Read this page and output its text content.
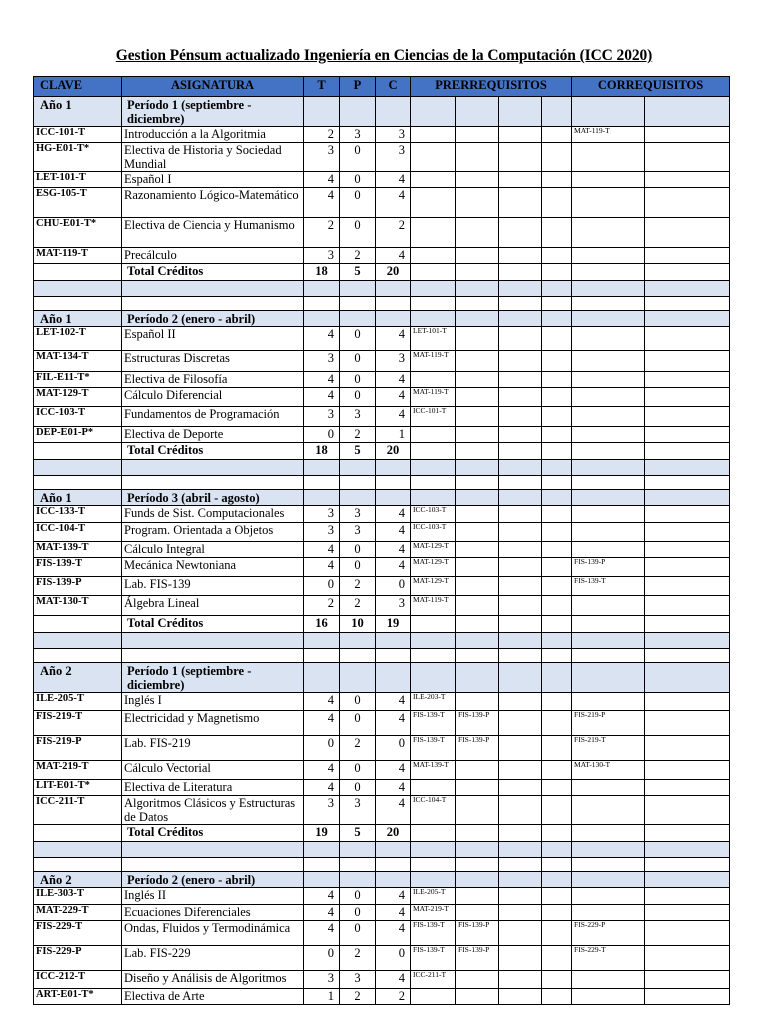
Gestion Pénsum actualizado Ingeniería en Ciencias de la Computación (ICC 2020)
CLAVE	ASIGNATURA	T	P	C	PRERREQUISITOS				CORREQUISITOS		
Año 1	Período 1 (septiembre - diciembre)										
ICC-101-T	Introducción a la Algoritmia	2	3	3					MAT-119-T		
HG-E01-T*	Electiva de Historia y Sociedad Mundial	3	0	3							
LET-101-T	Español I	4	0	4							
ESG-105-T	Razonamiento Lógico-Matemático	4	0	4							
CHU-E01-T*	Electiva de Ciencia y Humanismo	2	0	2							
MAT-119-T	Precálculo	3	2	4							
	Total Créditos	18	5	20							

Año 1	Período 2 (enero - abril)										
LET-102-T	Español II	4	0	4	LET-101-T						
MAT-134-T	Estructuras Discretas	3	0	3	MAT-119-T						
FIL-E11-T*	Electiva de Filosofía	4	0	4							
MAT-129-T	Cálculo Diferencial	4	0	4	MAT-119-T						
ICC-103-T	Fundamentos de Programación	3	3	4	ICC-101-T						
DEP-E01-P*	Electiva de Deporte	0	2	1							
	Total Créditos	18	5	20							

Año 1	Período 3 (abril - agosto)										
ICC-133-T	Funds de Sist. Computacionales	3	3	4	ICC-103-T						
ICC-104-T	Program. Orientada a Objetos	3	3	4	ICC-103-T						
MAT-139-T	Cálculo Integral	4	0	4	MAT-129-T						
FIS-139-T	Mecánica Newtoniana	4	0	4	MAT-129-T				FIS-139-P		
FIS-139-P	Lab. FIS-139	0	2	0	MAT-129-T				FIS-139-T		
MAT-130-T	Álgebra Lineal	2	2	3	MAT-119-T						
	Total Créditos	16	10	19							

Año 2	Período 1 (septiembre - diciembre)										
ILE-205-T	Inglés I	4	0	4	ILE-203-T						
FIS-219-T	Electricidad y Magnetismo	4	0	4	FIS-139-T	FIS-139-P			FIS-219-P		
FIS-219-P	Lab. FIS-219	0	2	0	FIS-139-T	FIS-139-P			FIS-219-T		
MAT-219-T	Cálculo Vectorial	4	0	4	MAT-139-T				MAT-130-T		
LIT-E01-T*	Electiva de Literatura	4	0	4							
ICC-211-T	Algoritmos Clásicos y Estructuras de Datos	3	3	4	ICC-104-T						
	Total Créditos	19	5	20							

Año 2	Período 2 (enero - abril)										
ILE-303-T	Inglés II	4	0	4	ILE-205-T						
MAT-229-T	Ecuaciones Diferenciales	4	0	4	MAT-219-T						
FIS-229-T	Ondas, Fluidos y Termodinámica	4	0	4	FIS-139-T	FIS-139-P			FIS-229-P		
FIS-229-P	Lab. FIS-229	0	2	0	FIS-139-T	FIS-139-P			FIS-229-T		
ICC-212-T	Diseño y Análisis de Algoritmos	3	3	4	ICC-211-T						
ART-E01-T*	Electiva de Arte	1	2	2							
